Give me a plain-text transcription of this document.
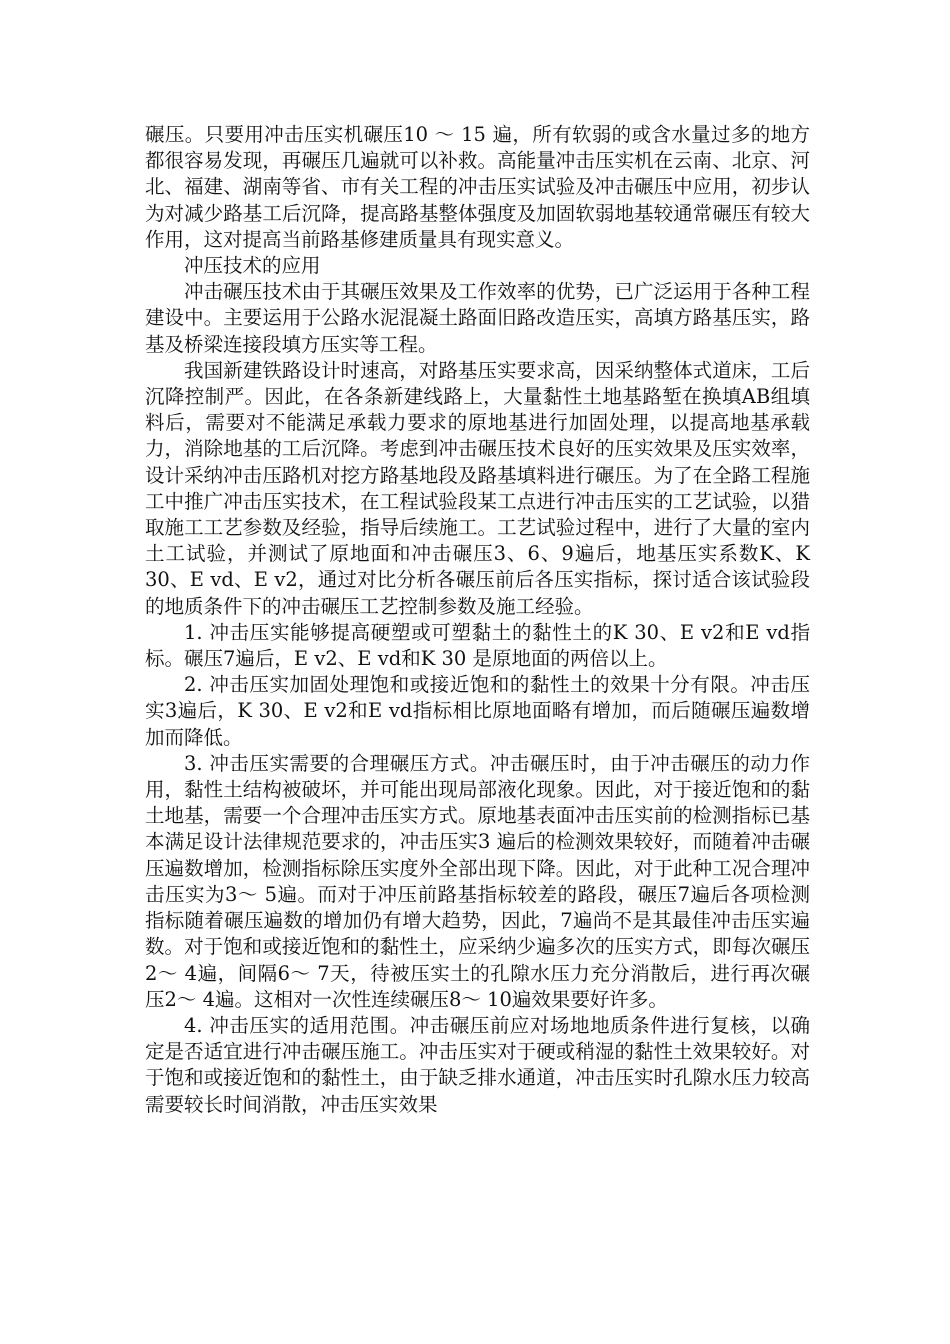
碾压。只要用冲击压实机碾压10 ～ 15 遍，所有软弱的或含水量过多的地方都很容易发现，再碾压几遍就可以补救。高能量冲击压实机在云南、北京、河北、福建、湖南等省、市有关工程的冲击压实试验及冲击碾压中应用，初步认为对减少路基工后沉降，提高路基整体强度及加固软弱地基较通常碾压有较大作用，这对提高当前路基修建质量具有现实意义。

冲压技术的应用

冲击碾压技术由于其碾压效果及工作效率的优势，已广泛运用于各种工程建设中。主要运用于公路水泥混凝土路面旧路改造压实，高填方路基压实，路基及桥梁连接段填方压实等工程。

我国新建铁路设计时速高，对路基压实要求高，因采纳整体式道床，工后沉降控制严。因此，在各条新建线路上，大量黏性土地基路堑在换填AB组填料后，需要对不能满足承载力要求的原地基进行加固处理，以提高地基承载力，消除地基的工后沉降。考虑到冲击碾压技术良好的压实效果及压实效率，设计采纳冲击压路机对挖方路基地段及路基填料进行碾压。为了在全路工程施工中推广冲击压实技术，在工程试验段某工点进行冲击压实的工艺试验，以猎取施工工艺参数及经验，指导后续施工。工艺试验过程中，进行了大量的室内土工试验，并测试了原地面和冲击碾压3、6、9遍后，地基压实系数K、K 30、E vd、E v2，通过对比分析各碾压前后各压实指标，探讨适合该试验段的地质条件下的冲击碾压工艺控制参数及施工经验。

1. 冲击压实能够提高硬塑或可塑黏土的黏性土的K 30、E v2和E vd指标。碾压7遍后，E v2、E vd和K 30 是原地面的两倍以上。

2. 冲击压实加固处理饱和或接近饱和的黏性土的效果十分有限。冲击压实3遍后，K 30、E v2和E vd指标相比原地面略有增加，而后随碾压遍数增加而降低。

3. 冲击压实需要的合理碾压方式。冲击碾压时，由于冲击碾压的动力作用，黏性土结构被破坏，并可能出现局部液化现象。因此，对于接近饱和的黏土地基，需要一个合理冲击压实方式。原地基表面冲击压实前的检测指标已基本满足设计法律规范要求的，冲击压实3 遍后的检测效果较好，而随着冲击碾压遍数增加，检测指标除压实度外全部出现下降。因此，对于此种工况合理冲击压实为3～ 5遍。而对于冲压前路基指标较差的路段，碾压7遍后各项检测指标随着碾压遍数的增加仍有增大趋势，因此，7遍尚不是其最佳冲击压实遍数。对于饱和或接近饱和的黏性土，应采纳少遍多次的压实方式，即每次碾压2～ 4遍，间隔6～ 7天，待被压实土的孔隙水压力充分消散后，进行再次碾压2～ 4遍。这相对一次性连续碾压8～ 10遍效果要好许多。

4. 冲击压实的适用范围。冲击碾压前应对场地地质条件进行复核，以确定是否适宜进行冲击碾压施工。冲击压实对于硬或稍湿的黏性土效果较好。对于饱和或接近饱和的黏性土，由于缺乏排水通道，冲击压实时孔隙水压力较高需要较长时间消散，冲击压实效果
